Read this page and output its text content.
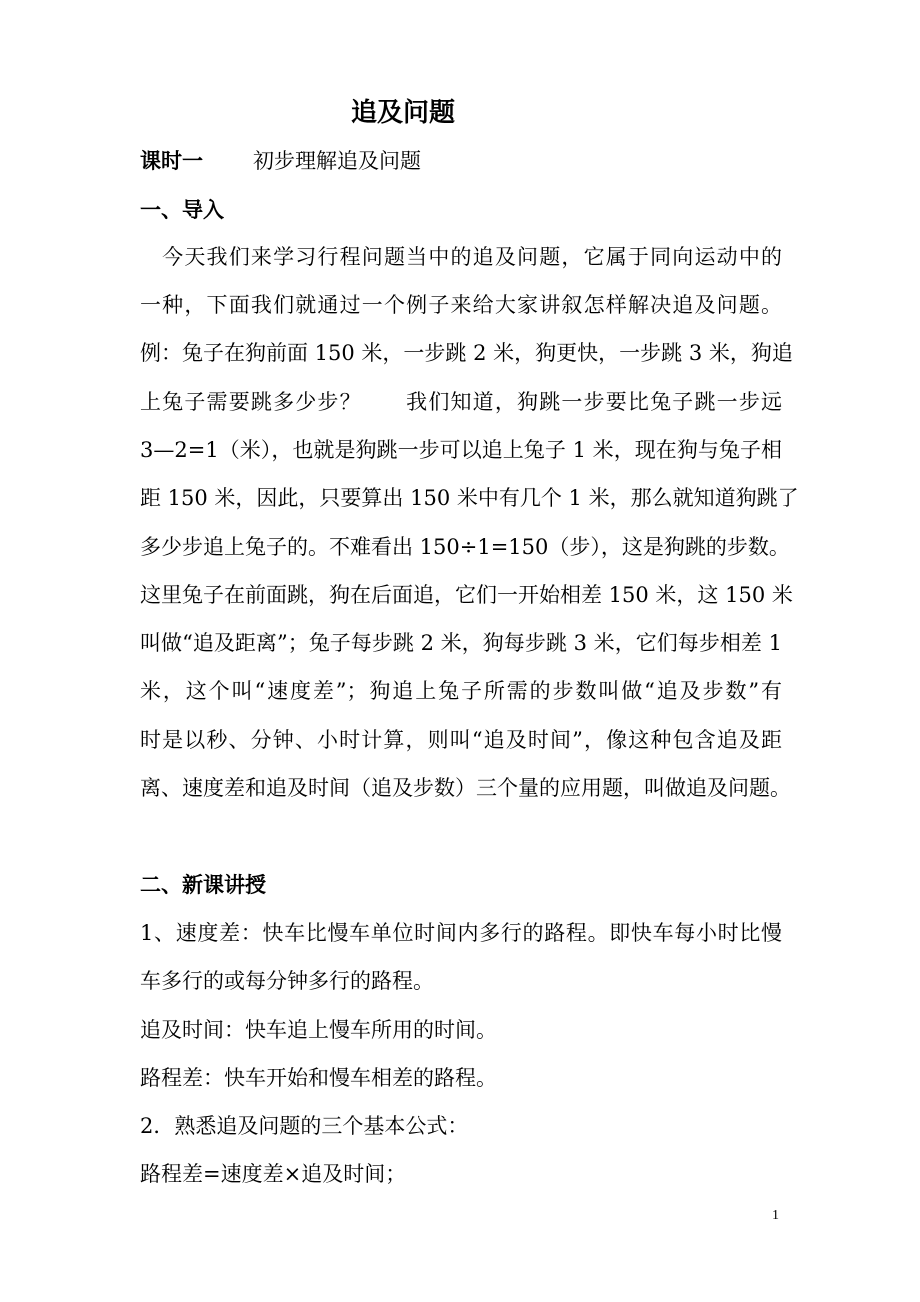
追及问题
课时一 初步理解追及问题
一、导入
　今天我们来学习行程问题当中的追及问题，它属于同向运动中的
一种，下面我们就通过一个例子来给大家讲叙怎样解决追及问题。
例：兔子在狗前面 150 米，一步跳 2 米，狗更快，一步跳 3 米，狗追
上兔子需要跳多少步？　　我们知道，狗跳一步要比兔子跳一步远
3—2=1（米），也就是狗跳一步可以追上兔子 1 米，现在狗与兔子相
距 150 米，因此，只要算出 150 米中有几个 1 米，那么就知道狗跳了
多少步追上兔子的。不难看出 150÷1=150（步），这是狗跳的步数。
这里兔子在前面跳，狗在后面追，它们一开始相差 150 米，这 150 米
叫做“追及距离”；兔子每步跳 2 米，狗每步跳 3 米，它们每步相差 1
米，这个叫“速度差”；狗追上兔子所需的步数叫做“追及步数”有
时是以秒、分钟、小时计算，则叫“追及时间”，像这种包含追及距
离、速度差和追及时间（追及步数）三个量的应用题，叫做追及问题。
二、新课讲授
1、速度差：快车比慢车单位时间内多行的路程。即快车每小时比慢
车多行的或每分钟多行的路程。
追及时间：快车追上慢车所用的时间。
路程差：快车开始和慢车相差的路程。
2．熟悉追及问题的三个基本公式：
路程差=速度差×追及时间；
1
